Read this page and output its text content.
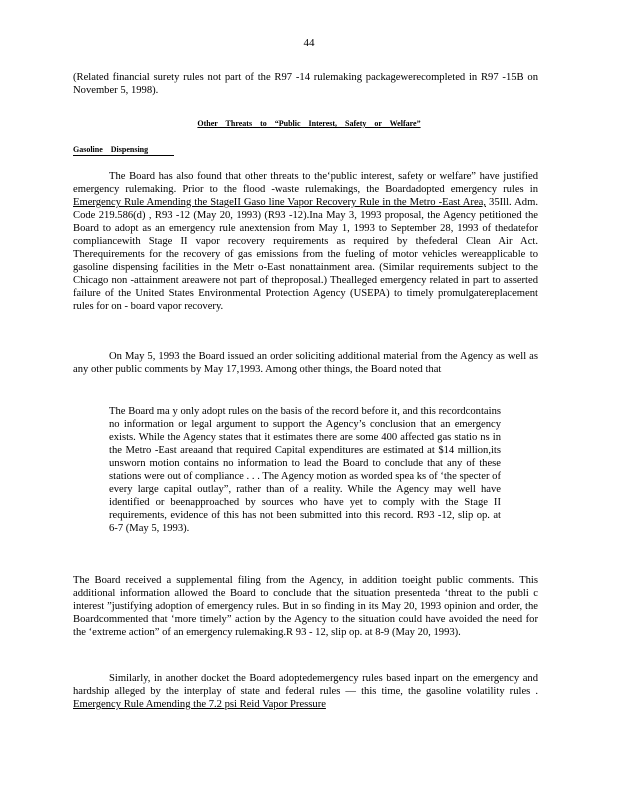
44

(Related financial surety rules not part of the R97 -14 rulemaking packagewerecompleted in R97 -15B on November 5, 1998).

Other Threats to “Public Interest, Safety or Welfare”
Gasoline Dispensing

The Board has also found that other threats to the‘public interest, safety or welfare” have justified emergency rulemaking. Prior to the flood -waste rulemakings, the Boardadopted emergency rules in Emergency Rule Amending the StageII Gaso line Vapor Recovery Rule in the Metro -East Area, 35Ill. Adm. Code 219.586(d) , R93 -12 (May 20, 1993) (R93 -12).Ina May 3, 1993 proposal, the Agency petitioned the Board to adopt as an emergency rule anextension from May 1, 1993 to September 28, 1993 of thedatefor compliancewith Stage II vapor recovery requirements as required by thefederal Clean Air Act. Therequirements for the recovery of gas emissions from the fueling of motor vehicles wereapplicable to gasoline dispensing facilities in the Metr o-East nonattainment area. (Similar requirements subject to the Chicago non -attainment areawere not part of theproposal.) Thealleged emergency related in part to asserted failure of the United States Environmental Protection Agency (USEPA) to timely promulgatereplacement rules for on - board vapor recovery.

On May 5, 1993 the Board issued an order soliciting additional material from the Agency as well as any other public comments by May 17,1993. Among other things, the Board noted that

The Board ma y only adopt rules on the basis of the record before it, and this recordcontains no information or legal argument to support the Agency’s conclusion that an emergency exists. While the Agency states that it estimates there are some 400 affected gas statio ns in the Metro -East areaand that required Capital expenditures are estimated at $14 million,its unsworn motion contains no information to lead the Board to conclude that any of these stations were out of compliance . . . The Agency motion as worded spea ks of ‘the specter of every large capital outlay”, rather than of a reality. While the Agency may well have identified or beenapproached by sources who have yet to comply with the Stage II requirements, evidence of this has not been submitted into this record. R93 -12, slip op. at 6-7 (May 5, 1993).

The Board received a supplemental filing from the Agency, in addition toeight public comments. This additional information allowed the Board to conclude that the situation presenteda ‘threat to the publi c interest ”justifying adoption of emergency rules. But in so finding in its May 20, 1993 opinion and order, the Boardcommented that ‘more timely” action by the Agency to the situation could have avoided the need for the ‘extreme action” of an emergency rulemaking.R 93 - 12, slip op. at 8-9 (May 20, 1993).

Similarly, in another docket the Board adoptedemergency rules based inpart on the emergency and hardship alleged by the interplay of state and federal rules — this time, the gasoline volatility rules . Emergency Rule Amending the 7.2 psi Reid Vapor Pressure
